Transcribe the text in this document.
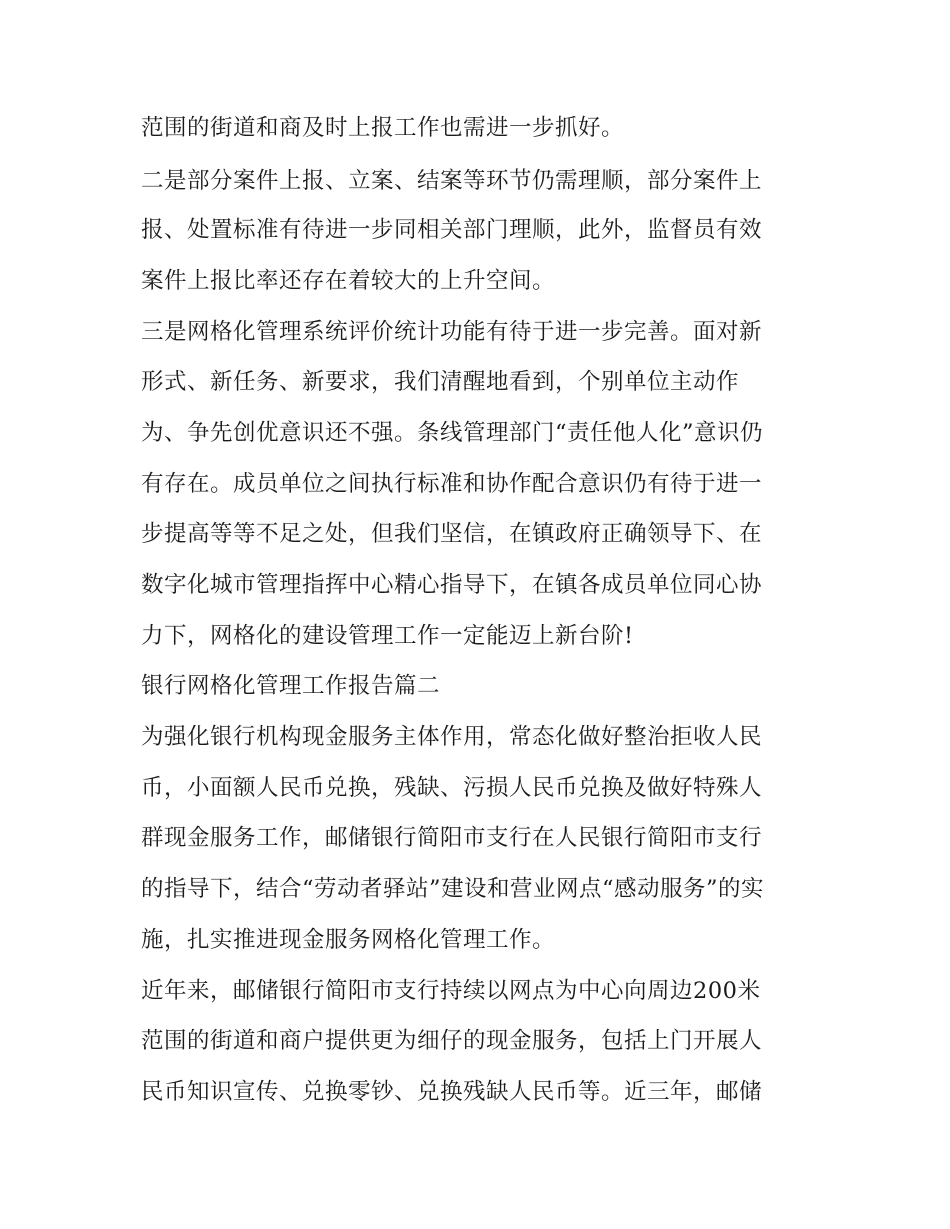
范围的街道和商及时上报工作也需进一步抓好。
二是部分案件上报、立案、结案等环节仍需理顺，部分案件上
报、处置标准有待进一步同相关部门理顺，此外，监督员有效
案件上报比率还存在着较大的上升空间。
三是网格化管理系统评价统计功能有待于进一步完善。面对新
形式、新任务、新要求，我们清醒地看到，个别单位主动作
为、争先创优意识还不强。条线管理部门“责任他人化”意识仍
有存在。成员单位之间执行标准和协作配合意识仍有待于进一
步提高等等不足之处，但我们坚信，在镇政府正确领导下、在
数字化城市管理指挥中心精心指导下，在镇各成员单位同心协
力下，网格化的建设管理工作一定能迈上新台阶!
银行网格化管理工作报告篇二
为强化银行机构现金服务主体作用，常态化做好整治拒收人民
币，小面额人民币兑换，残缺、污损人民币兑换及做好特殊人
群现金服务工作，邮储银行简阳市支行在人民银行简阳市支行
的指导下，结合“劳动者驿站”建设和营业网点“感动服务”的实
施，扎实推进现金服务网格化管理工作。
近年来，邮储银行简阳市支行持续以网点为中心向周边200米
范围的街道和商户提供更为细仔的现金服务，包括上门开展人
民币知识宣传、兑换零钞、兑换残缺人民币等。近三年，邮储
